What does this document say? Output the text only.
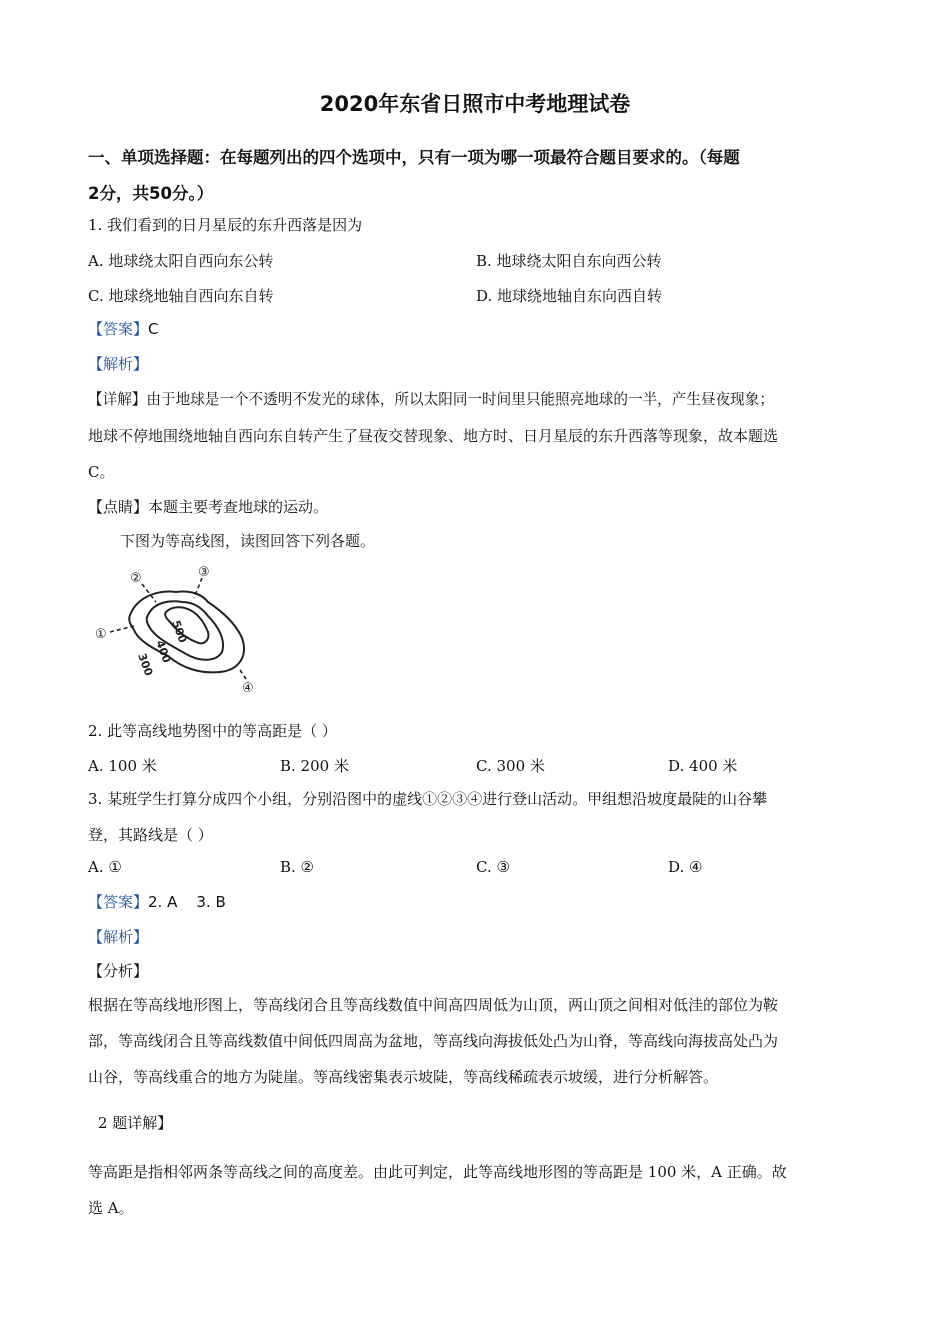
2020年东省日照市中考地理试卷
一、单项选择题：在每题列出的四个选项中，只有一项为哪一项最符合题目要求的。（每题
2分，共50分。）
1. 我们看到的日月星辰的东升西落是因为
A. 地球绕太阳自西向东公转	B. 地球绕太阳自东向西公转
C. 地球绕地轴自西向东自转	D. 地球绕地轴自东向西自转
【答案】C
【解析】
【详解】由于地球是一个不透明不发光的球体，所以太阳同一时间里只能照亮地球的一半，产生昼夜现象；
地球不停地围绕地轴自西向东自转产生了昼夜交替现象、地方时、日月星辰的东升西落等现象，故本题选
C。
【点睛】本题主要考查地球的运动。
下图为等高线图，读图回答下列各题。
①
②	③
④
300
400
500
2. 此等高线地势图中的等高距是（ ）
A. 100 米	B. 200 米	C. 300 米	D. 400 米
3. 某班学生打算分成四个小组，分别沿图中的虚线①②③④进行登山活动。甲组想沿坡度最陡的山谷攀
登，其路线是（ ）
A. ①	B. ②	C. ③	D. ④
【答案】2. A    3. B
【解析】
【分析】
根据在等高线地形图上，等高线闭合且等高线数值中间高四周低为山顶，两山顶之间相对低洼的部位为鞍
部，等高线闭合且等高线数值中间低四周高为盆地，等高线向海拔低处凸为山脊，等高线向海拔高处凸为
山谷，等高线重合的地方为陡崖。等高线密集表示坡陡，等高线稀疏表示坡缓，进行分析解答。
2 题详解】
等高距是指相邻两条等高线之间的高度差。由此可判定，此等高线地形图的等高距是 100 米，A 正确。故
选 A。
